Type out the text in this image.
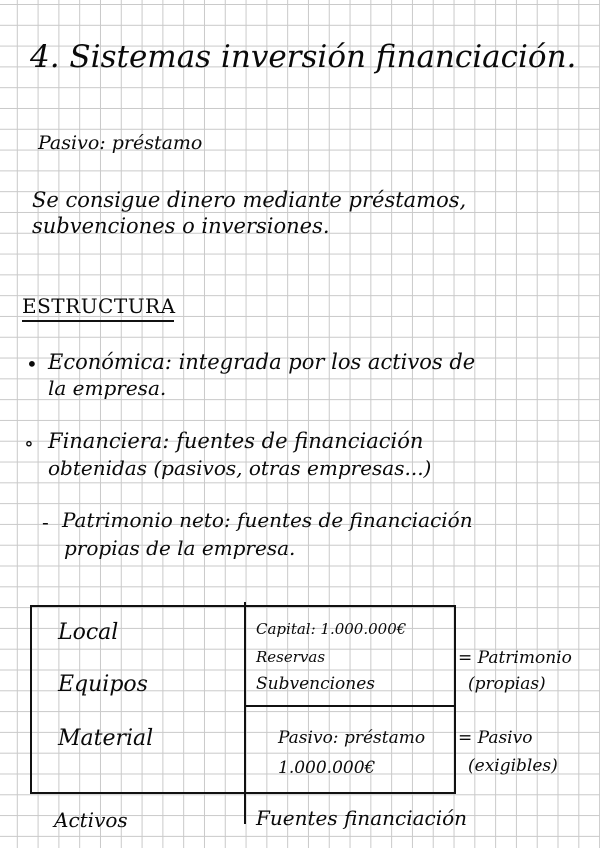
4. Sistemas inversión financiación.

Pasivo: préstamo

Se consigue dinero mediante préstamos,

subvenciones o inversiones.

ESTRUCTURA

• Económica: integrada por los activos de

la empresa.

∘ Financiera: fuentes de financiación

obtenidas (pasivos, otras empresas...)

- Patrimonio neto: fuentes de financiación

propias de la empresa.

Local

Equipos

Material

Capital: 1.000.000€

Reservas

Subvenciones

Pasivo: préstamo

1.000.000€

= Patrimonio

(propias)

= Pasivo

(exigibles)

Activos	Fuentes financiación
